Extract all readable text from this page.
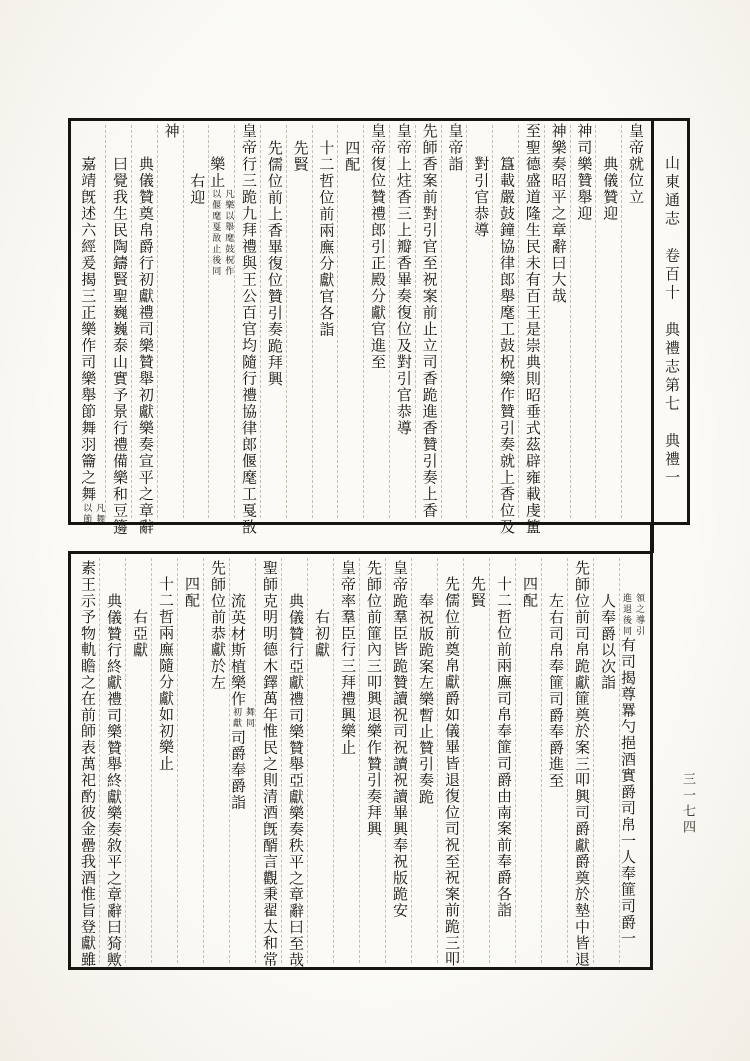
山東通志　卷百十　典禮志第七　典禮一
皇帝就位立
典儀贊迎
神司樂贊舉迎
神樂奏昭平之章辭曰大哉
至聖德盛道隆生民未有百王是崇典則昭垂式茲辟雍載虔簠
簋載嚴鼓鐘協律郎舉麾工鼓柷樂作贊引奏就上香位及
對引官恭導
皇帝詣
先師香案前對引官至祝案前止立司香跪進香贊引奏上香
皇帝上炷香三上瓣香畢奏復位及對引官恭導
皇帝復位贊禮郎引正殿分獻官進至
四配
十二哲位前兩廡分獻官各詣
先賢
先儒位前上香畢復位贊引奏跪拜興
皇帝行三跪九拜禮與王公百官均隨行禮協律郎偃麾工戛敔
樂止
凡樂以舉麾鼓柷作
以偃麾戛敔止後同
右迎
神
典儀贊奠帛爵行初獻禮司樂贊舉初獻樂奏宣平之章辭
曰覺我生民陶鑄賢聖巍巍泰山實予景行禮備樂和豆籩
嘉靖旣述六經爰揭三正樂作司樂舉節舞羽籥之舞
凡舞
以節
領之導引
進退後同
有司揭尊羃勺挹酒實爵司帛一人奉篚司爵一
人奉爵以次詣
先師位前司帛跪獻篚奠於案三叩興司爵獻爵奠於墊中皆退
左右司帛奉篚司爵奉爵進至
四配
十二哲位前兩廡司帛奉篚司爵由南案前奉爵各詣
先賢
先儒位前奠帛獻爵如儀畢皆退復位司祝至祝案前跪三叩
奉祝版跪案左樂暫止贊引奏跪
皇帝跪羣臣皆跪贊讀祝司祝讀祝讀畢興奉祝版跪安
先師位前篚內三叩興退樂作贊引奏拜興
皇帝率羣臣行三拜禮興樂止
右初獻
典儀贊行亞獻禮司樂贊舉亞獻樂奏秩平之章辭曰至哉
聖師克明明德木鐸萬年惟民之則清酒旣醑言觀秉翟太和常
流英材斯植樂作
舞同
初獻
司爵奉爵詣
先師位前恭獻於左
四配
十二哲兩廡隨分獻如初樂止
右亞獻
典儀贊行終獻禮司樂贊舉終獻樂奏敘平之章辭曰猗歟
素王示予物軌瞻之在前師表萬祀酌彼金罍我酒惟旨登獻雖	三一七四
